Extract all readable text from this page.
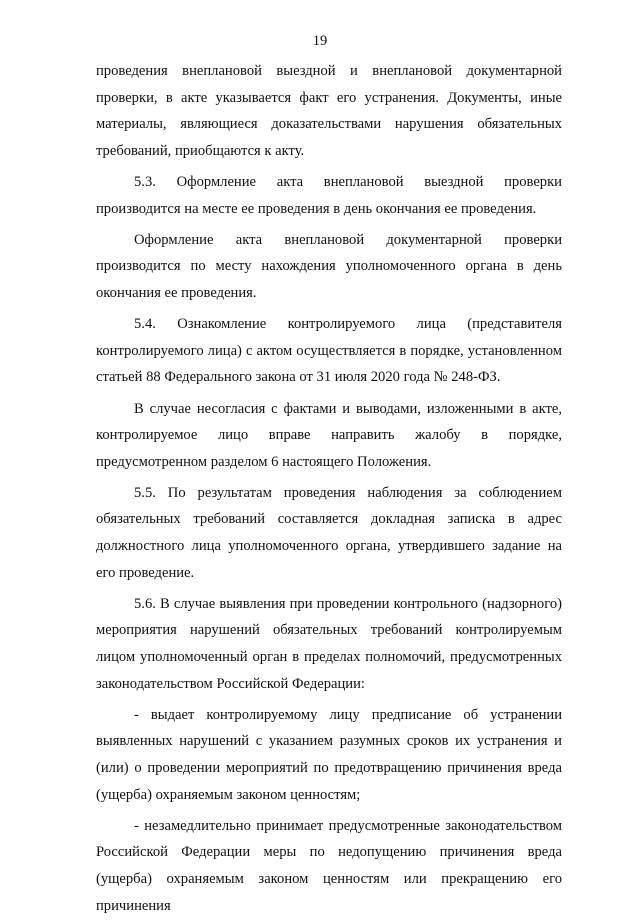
19

проведения внеплановой выездной и внеплановой документарной проверки, в акте указывается факт его устранения. Документы, иные материалы, являющиеся доказательствами нарушения обязательных требований, приобщаются к акту.

5.3. Оформление акта внеплановой выездной проверки производится на месте ее проведения в день окончания ее проведения.

Оформление акта внеплановой документарной проверки производится по месту нахождения уполномоченного органа в день окончания ее проведения.

5.4. Ознакомление контролируемого лица (представителя контролируемого лица) с актом осуществляется в порядке, установленном статьей 88 Федерального закона от 31 июля 2020 года № 248-ФЗ.

В случае несогласия с фактами и выводами, изложенными в акте, контролируемое лицо вправе направить жалобу в порядке, предусмотренном разделом 6 настоящего Положения.

5.5. По результатам проведения наблюдения за соблюдением обязательных требований составляется докладная записка в адрес должностного лица уполномоченного органа, утвердившего задание на его проведение.

5.6. В случае выявления при проведении контрольного (надзорного) мероприятия нарушений обязательных требований контролируемым лицом уполномоченный орган в пределах полномочий, предусмотренных законодательством Российской Федерации:

- выдает контролируемому лицу предписание об устранении выявленных нарушений с указанием разумных сроков их устранения и (или) о проведении мероприятий по предотвращению причинения вреда (ущерба) охраняемым законом ценностям;

- незамедлительно принимает предусмотренные законодательством Российской Федерации меры по недопущению причинения вреда (ущерба) охраняемым законом ценностям или прекращению его причинения
